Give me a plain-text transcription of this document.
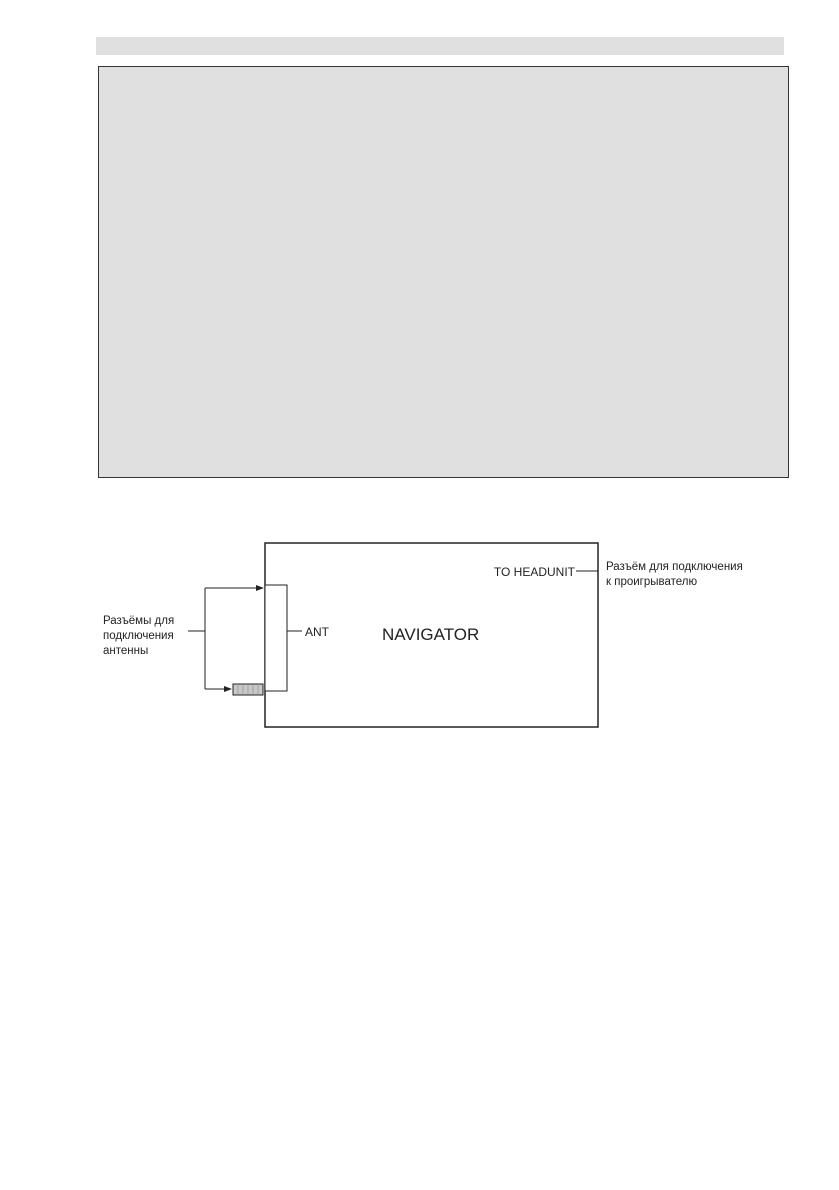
NAVIGATOR
ANT
TO HEADUNIT	Разъём для подключения
к проигрывателю
Разъёмы для
подключения
антенны
